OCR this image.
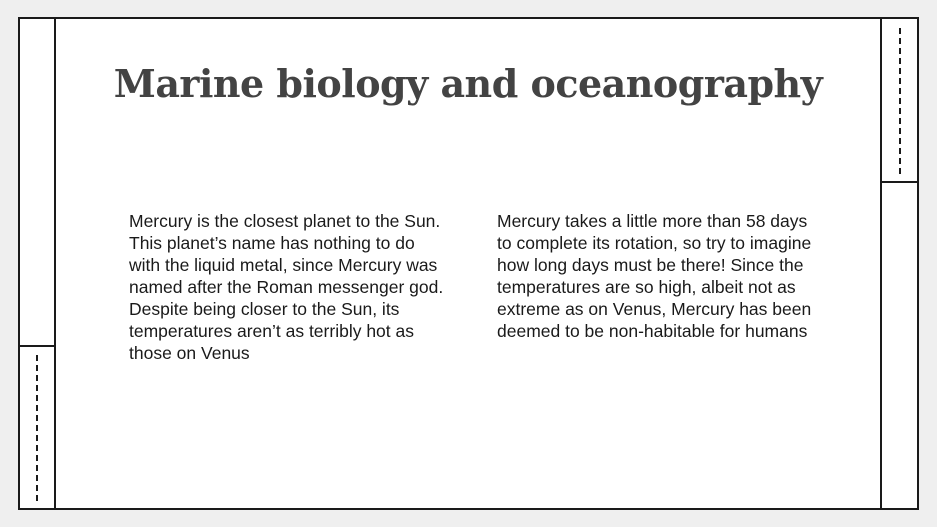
Marine biology and oceanography

Mercury is the closest planet to the Sun. This planet’s name has nothing to do with the liquid metal, since Mercury was named after the Roman messenger god. Despite being closer to the Sun, its temperatures aren’t as terribly hot as those on Venus

Mercury takes a little more than 58 days to complete its rotation, so try to imagine how long days must be there! Since the temperatures are so high, albeit not as extreme as on Venus, Mercury has been deemed to be non-habitable for humans
